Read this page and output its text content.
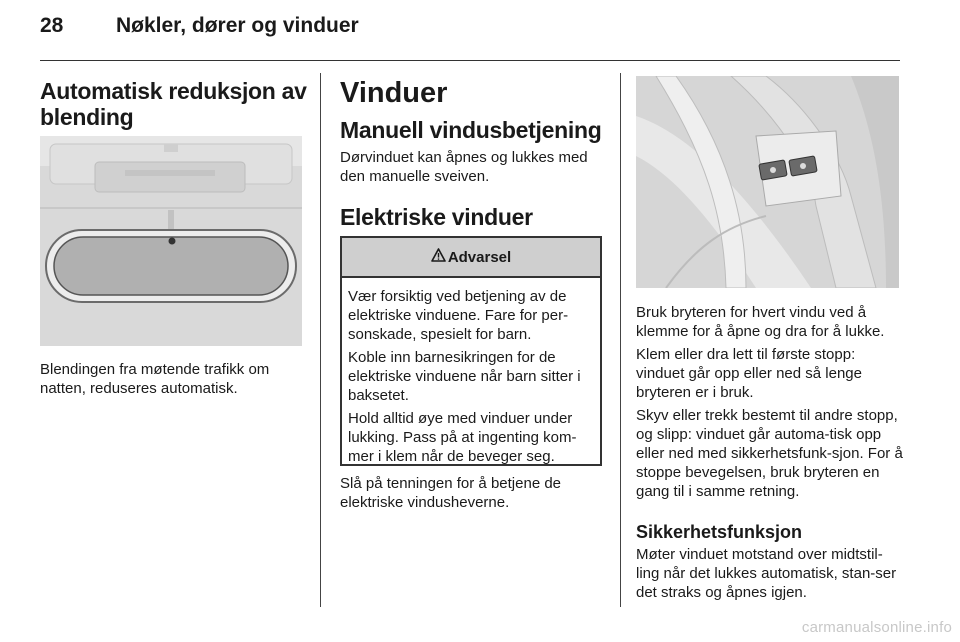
28	Nøkler, dører og vinduer
Automatisk reduksjon av blending

Blendingen fra møtende trafikk om natten, reduseres automatisk.

Vinduer
Manuell vindusbetjening

Dørvinduet kan åpnes og lukkes med den manuelle sveiven.

Elektriske vinduer
Advarsel

Vær forsiktig ved betjening av de elektriske vinduene. Fare for per-sonskade, spesielt for barn.

Koble inn barnesikringen for de elektriske vinduene når barn sitter i baksetet.

Hold alltid øye med vinduer under lukking. Pass på at ingenting kom-mer i klem når de beveger seg.

Slå på tenningen for å betjene de elektriske vindusheverne.

Bruk bryteren for hvert vindu ved å klemme for å åpne og dra for å lukke.

Klem eller dra lett til første stopp: vinduet går opp eller ned så lenge bryteren er i bruk.

Skyv eller trekk bestemt til andre stopp, og slipp: vinduet går automa-tisk opp eller ned med sikkerhetsfunk-sjon. For å stoppe bevegelsen, bruk bryteren en gang til i samme retning.

Sikkerhetsfunksjon

Møter vinduet motstand over midtstil-ling når det lukkes automatisk, stan-ser det straks og åpnes igjen.

carmanualsonline.info
